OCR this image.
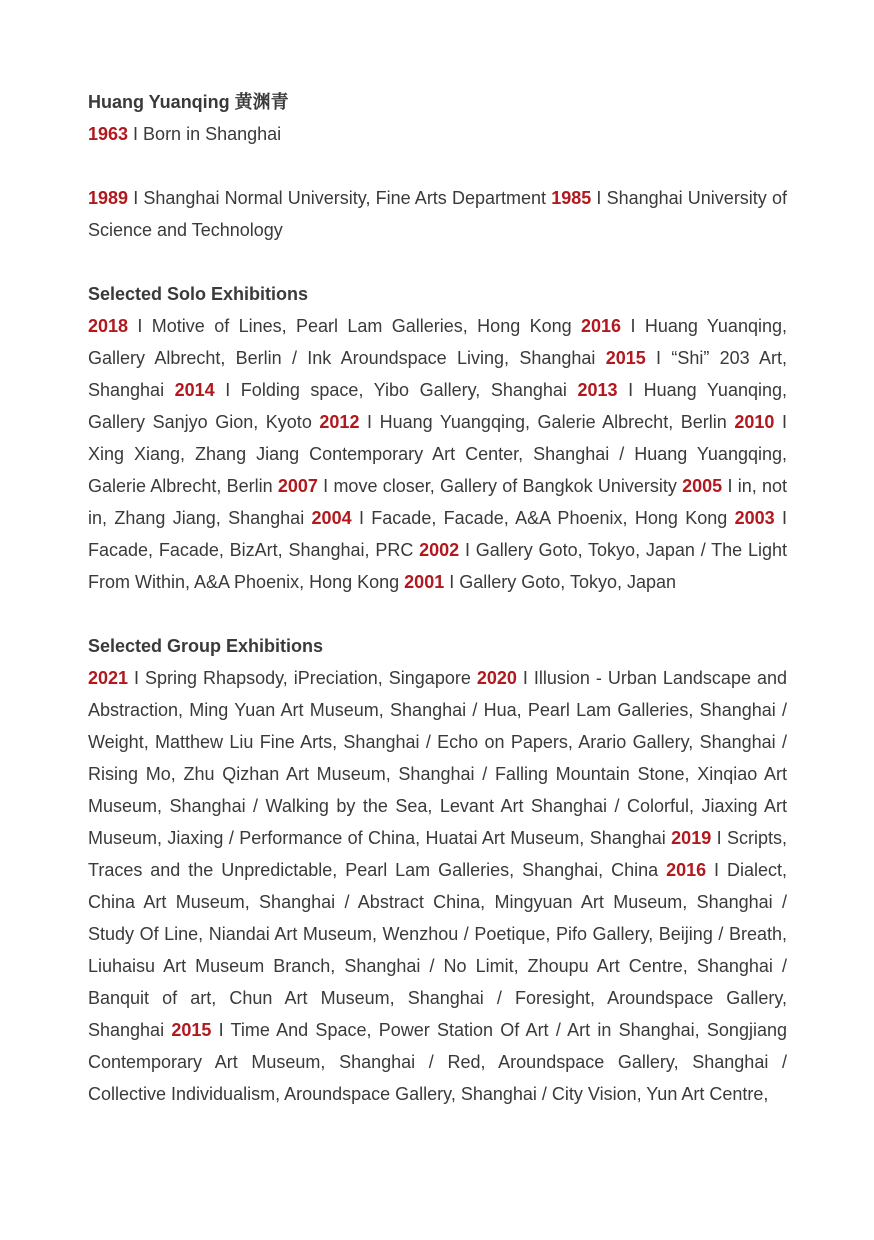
Huang Yuanqing 黄渊青

1963 I Born in Shanghai

1989 I Shanghai Normal University, Fine Arts Department 1985 I Shanghai University of Science and Technology

Selected Solo Exhibitions

2018 I Motive of Lines, Pearl Lam Galleries, Hong Kong 2016 I Huang Yuanqing, Gallery Albrecht, Berlin / Ink Aroundspace Living, Shanghai 2015 I “Shi” 203 Art, Shanghai 2014 I Folding space, Yibo Gallery, Shanghai 2013 I Huang Yuanqing, Gallery Sanjyo Gion, Kyoto 2012 I Huang Yuangqing, Galerie Albrecht, Berlin 2010 I Xing Xiang, Zhang Jiang Contemporary Art Center, Shanghai / Huang Yuangqing, Galerie Albrecht, Berlin 2007 I move closer, Gallery of Bangkok University 2005 I in, not in, Zhang Jiang, Shanghai 2004 I Facade, Facade, A&A Phoenix, Hong Kong 2003 I Facade, Facade, BizArt, Shanghai, PRC 2002 I Gallery Goto, Tokyo, Japan / The Light From Within, A&A Phoenix, Hong Kong 2001 I Gallery Goto, Tokyo, Japan

Selected Group Exhibitions

2021 I Spring Rhapsody, iPreciation, Singapore 2020 I Illusion - Urban Landscape and Abstraction, Ming Yuan Art Museum, Shanghai / Hua, Pearl Lam Galleries, Shanghai / Weight, Matthew Liu Fine Arts, Shanghai / Echo on Papers, Arario Gallery, Shanghai / Rising Mo, Zhu Qizhan Art Museum, Shanghai / Falling Mountain Stone, Xinqiao Art Museum, Shanghai / Walking by the Sea, Levant Art Shanghai / Colorful, Jiaxing Art Museum, Jiaxing / Performance of China, Huatai Art Museum, Shanghai 2019 I Scripts, Traces and the Unpredictable, Pearl Lam Galleries, Shanghai, China 2016 I Dialect, China Art Museum, Shanghai / Abstract China, Mingyuan Art Museum, Shanghai / Study Of Line, Niandai Art Museum, Wenzhou / Poetique, Pifo Gallery, Beijing / Breath, Liuhaisu Art Museum Branch, Shanghai / No Limit, Zhoupu Art Centre, Shanghai / Banquit of art, Chun Art Museum, Shanghai / Foresight, Aroundspace Gallery, Shanghai 2015 I Time And Space, Power Station Of Art / Art in Shanghai, Songjiang Contemporary Art Museum, Shanghai / Red, Aroundspace Gallery, Shanghai / Collective Individualism, Aroundspace Gallery, Shanghai / City Vision, Yun Art Centre,
